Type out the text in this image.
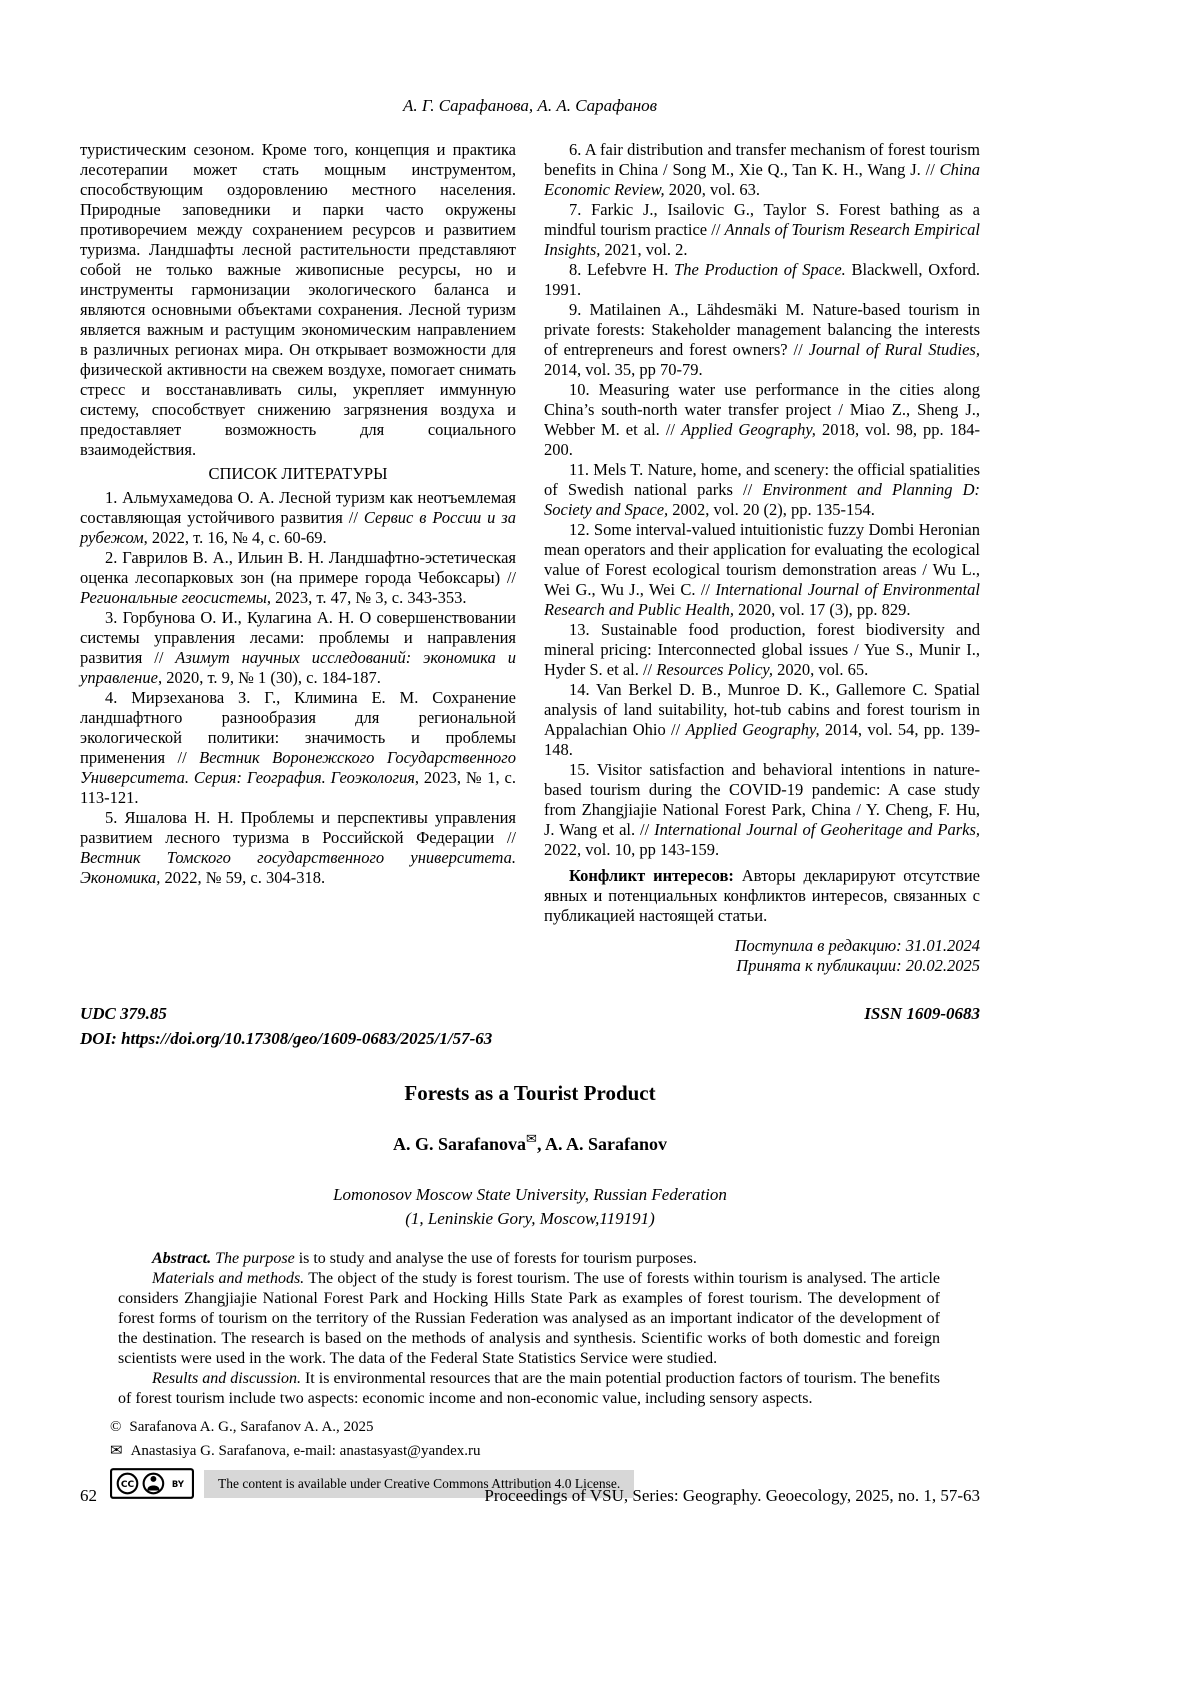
А. Г. Сарафанова, А. А. Сарафанов

туристическим сезоном. Кроме того, концепция и практика лесотерапии может стать мощным инструментом, способствующим оздоровлению местного населения. Природные заповедники и парки часто окружены противоречием между сохранением ресурсов и развитием туризма. Ландшафты лесной растительности представляют собой не только важные живописные ресурсы, но и инструменты гармонизации экологического баланса и являются основными объектами сохранения. Лесной туризм является важным и растущим экономическим направлением в различных регионах мира. Он открывает возможности для физической активности на свежем воздухе, помогает снимать стресс и восстанавливать силы, укрепляет иммунную систему, способствует снижению загрязнения воздуха и предоставляет возможность для социального взаимодействия.

СПИСОК ЛИТЕРАТУРЫ

1. Альмухамедова О. А. Лесной туризм как неотъемлемая составляющая устойчивого развития // Сервис в России и за рубежом, 2022, т. 16, № 4, с. 60-69.

2. Гаврилов В. А., Ильин В. Н. Ландшафтно-эстетическая оценка лесопарковых зон (на примере города Чебоксары) // Региональные геосистемы, 2023, т. 47, № 3, с. 343-353.

3. Горбунова О. И., Кулагина А. Н. О совершенствовании системы управления лесами: проблемы и направления развития // Азимут научных исследований: экономика и управление, 2020, т. 9, № 1 (30), с. 184-187.

4. Мирзеханова З. Г., Климина Е. М. Сохранение ландшафтного разнообразия для региональной экологической политики: значимость и проблемы применения // Вестник Воронежского Государственного Университета. Серия: География. Геоэкология, 2023, № 1, с. 113-121.

5. Яшалова Н. Н. Проблемы и перспективы управления развитием лесного туризма в Российской Федерации // Вестник Томского государственного университета. Экономика, 2022, № 59, с. 304-318.

6. A fair distribution and transfer mechanism of forest tourism benefits in China / Song M., Xie Q., Tan K. H., Wang J. // China Economic Review, 2020, vol. 63.

7. Farkic J., Isailovic G., Taylor S. Forest bathing as a mindful tourism practice // Annals of Tourism Research Empirical Insights, 2021, vol. 2.

8. Lefebvre H. The Production of Space. Blackwell, Oxford. 1991.

9. Matilainen A., Lähdesmäki M. Nature-based tourism in private forests: Stakeholder management balancing the interests of entrepreneurs and forest owners? // Journal of Rural Studies, 2014, vol. 35, pp 70-79.

10. Measuring water use performance in the cities along China’s south-north water transfer project / Miao Z., Sheng J., Webber M. et al. // Applied Geography, 2018, vol. 98, pp. 184-200.

11. Mels T. Nature, home, and scenery: the official spatialities of Swedish national parks // Environment and Planning D: Society and Space, 2002, vol. 20 (2), pp. 135-154.

12. Some interval-valued intuitionistic fuzzy Dombi Heronian mean operators and their application for evaluating the ecological value of Forest ecological tourism demonstration areas / Wu L., Wei G., Wu J., Wei C. // International Journal of Environmental Research and Public Health, 2020, vol. 17 (3), pp. 829.

13. Sustainable food production, forest biodiversity and mineral pricing: Interconnected global issues / Yue S., Munir I., Hyder S. et al. // Resources Policy, 2020, vol. 65.

14. Van Berkel D. B., Munroe D. K., Gallemore C. Spatial analysis of land suitability, hot-tub cabins and forest tourism in Appalachian Ohio // Applied Geography, 2014, vol. 54, pp. 139-148.

15. Visitor satisfaction and behavioral intentions in nature-based tourism during the COVID-19 pandemic: A case study from Zhangjiajie National Forest Park, China / Y. Cheng, F. Hu, J. Wang et al. // International Journal of Geoheritage and Parks, 2022, vol. 10, pp 143-159.

Конфликт интересов: Авторы декларируют отсутствие явных и потенциальных конфликтов интересов, связанных с публикацией настоящей статьи.

Поступила в редакцию: 31.01.2024

Принята к публикации: 20.02.2025

UDC 379.85	ISSN 1609-0683
DOI: https://doi.org/10.17308/geo/1609-0683/2025/1/57-63
Forests as a Tourist Product
A. G. Sarafanova✉, A. A. Sarafanov
Lomonosov Moscow State University, Russian Federation
(1, Leninskie Gory, Moscow,119191)

Abstract. The purpose is to study and analyse the use of forests for tourism purposes.

Materials and methods. The object of the study is forest tourism. The use of forests within tourism is analysed. The article considers Zhangjiajie National Forest Park and Hocking Hills State Park as examples of forest tourism. The development of forest forms of tourism on the territory of the Russian Federation was analysed as an important indicator of the development of the destination. The research is based on the methods of analysis and synthesis. Scientific works of both domestic and foreign scientists were used in the work. The data of the Federal State Statistics Service were studied.

Results and discussion. It is environmental resources that are the main potential production factors of tourism. The benefits of forest tourism include two aspects: economic income and non-economic value, including sensory aspects.

© Sarafanova A. G., Sarafanov A. A., 2025
✉ Anastasiya G. Sarafanova, e-mail: anastasyast@yandex.ru
CC	BY	The content is available under Creative Commons Attribution 4.0 License.
62	Proceedings of VSU, Series: Geography. Geoecology, 2025, no. 1, 57-63
